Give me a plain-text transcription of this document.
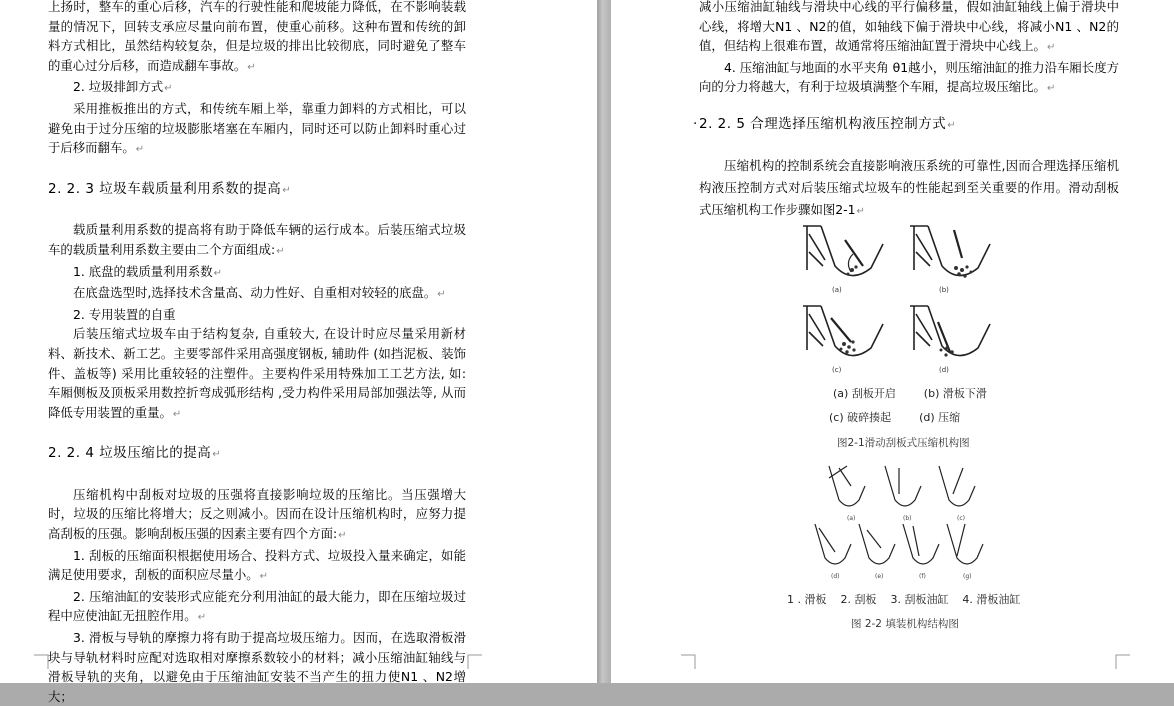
上扬时，整车的重心后移，汽车的行驶性能和爬坡能力降低，在不影响装载量的情况下，回转支承应尽量向前布置，使重心前移。这种布置和传统的卸料方式相比，虽然结构较复杂，但是垃圾的排出比较彻底，同时避免了整车的重心过分后移，而造成翻车事故。↵

2. 垃圾排卸方式↵

采用推板推出的方式，和传统车厢上举，靠重力卸料的方式相比，可以避免由于过分压缩的垃圾膨胀堵塞在车厢内，同时还可以防止卸料时重心过于后移而翻车。↵

2. 2. 3 垃圾车载质量利用系数的提高↵

载质量利用系数的提高将有助于降低车辆的运行成本。后装压缩式垃圾车的载质量利用系数主要由二个方面组成:↵

1. 底盘的载质量利用系数↵

在底盘选型时,选择技术含量高、动力性好、自重相对较轻的底盘。↵

2. 专用装置的自重

后装压缩式垃圾车由于结构复杂, 自重较大, 在设计时应尽量采用新材料、新技术、新工艺。主要零部件采用高强度钢板, 辅助件 (如挡泥板、装饰件、盖板等) 采用比重较轻的注塑件。主要构件采用特殊加工工艺方法, 如: 车厢侧板及顶板采用数控折弯成弧形结构 ,受力构件采用局部加强法等, 从而降低专用装置的重量。↵

2. 2. 4 垃圾压缩比的提高↵

压缩机构中刮板对垃圾的压强将直接影响垃圾的压缩比。当压强增大时，垃圾的压缩比将增大；反之则减小。因而在设计压缩机构时，应努力提高刮板的压强。影响刮板压强的因素主要有四个方面:↵

1. 刮板的压缩面积根据使用场合、投料方式、垃圾投入量来确定，如能满足使用要求，刮板的面积应尽量小。↵

2. 压缩油缸的安装形式应能充分利用油缸的最大能力，即在压缩垃圾过程中应使油缸无扭腔作用。↵

3. 滑板与导轨的摩擦力将有助于提高垃圾压缩力。因而，在选取滑板滑块与导轨材料时应配对选取相对摩擦系数较小的材料；减小压缩油缸轴线与滑板导轨的夹角，以避免由于压缩油缸安装不当产生的扭力使N1 、N2增大；

减小压缩油缸轴线与滑块中心线的平行偏移量，假如油缸轴线上偏于滑块中心线，将增大N1 、N2的值，如轴线下偏于滑块中心线，将减小N1 、N2的值，但结构上很难布置，故通常将压缩油缸置于滑块中心线上。↵

4. 压缩油缸与地面的水平夹角 θ1越小，则压缩油缸的推力沿车厢长度方向的分力将越大，有利于垃圾填满整个车厢，提高垃圾压缩比。↵

· 2. 2. 5 合理选择压缩机构液压控制方式↵

压缩机构的控制系统会直接影响液压系统的可靠性,因而合理选择压缩机构液压控制方式对后装压缩式垃圾车的性能起到至关重要的作用。滑动刮板式压缩机构工作步骤如图2-1↵

(a)	(b)
(c)	(d)
(a) 刮板开启        (b) 滑板下滑
(c) 破碎揍起        (d) 压缩
图2-1滑动刮板式压缩机构图
(a)	(b)	(c)
(d)	(e)	(f)	(g)
1 . 滑板    2. 刮板    3. 刮板油缸    4. 滑板油缸
图 2-2 填装机构结构图
